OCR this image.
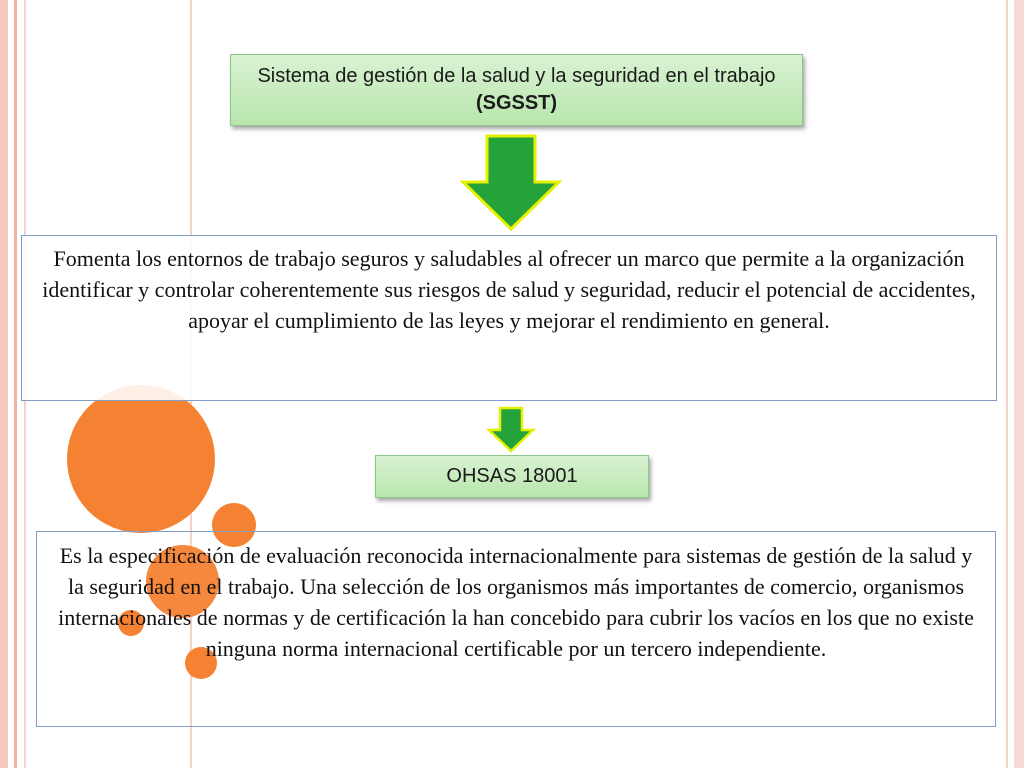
Sistema de gestión de la salud y la seguridad en el trabajo (SGSST)
Fomenta los entornos de trabajo seguros y saludables al ofrecer un marco que permite a la organización identificar y controlar coherentemente sus riesgos de salud y seguridad, reducir el potencial de accidentes, apoyar el cumplimiento de las leyes y mejorar el rendimiento en general.
OHSAS 18001
Es la especificación de evaluación reconocida internacionalmente para sistemas de gestión de la salud y la seguridad en el trabajo. Una selección de los organismos más importantes de comercio, organismos internacionales de normas y de certificación la han concebido para cubrir los vacíos en los que no existe ninguna norma internacional certificable por un tercero independiente.
